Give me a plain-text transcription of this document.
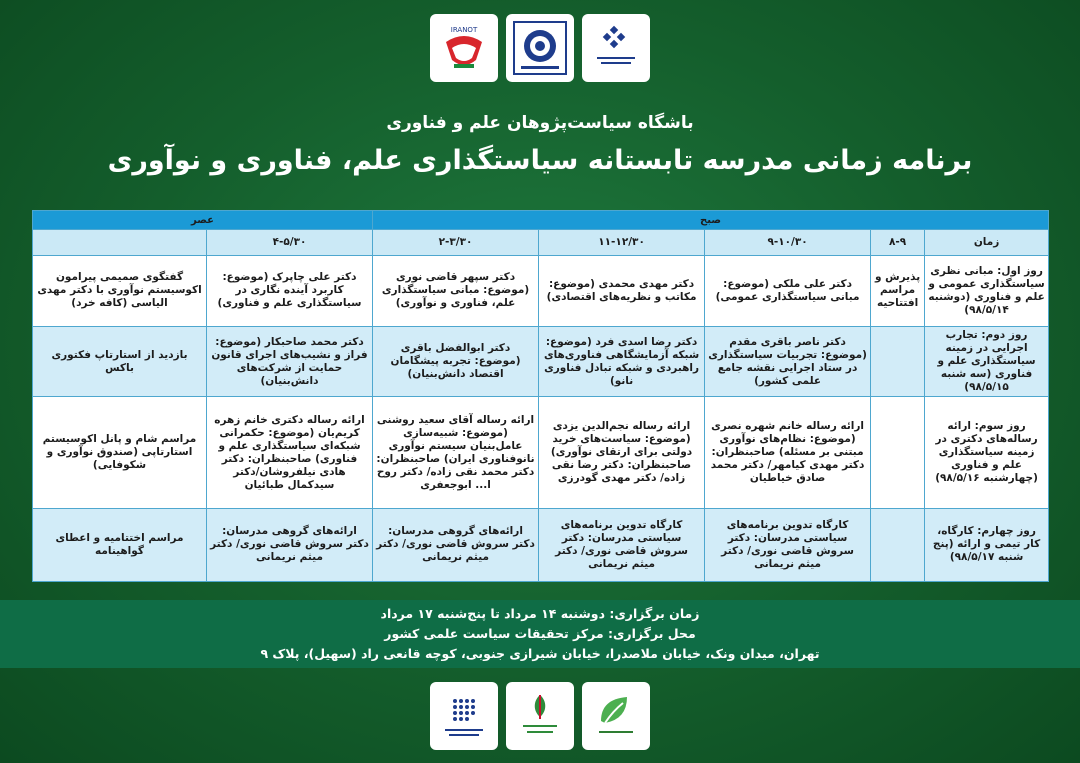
IRANOT
باشگاه سیاست‌پژوهان علم و فناوری
برنامه زمانی مدرسه تابستانه سیاستگذاری علم، فناوری و نوآوری
صبح					عصر	
زمان	۸-۹	۹-۱۰/۳۰	۱۱-۱۲/۳۰	۲-۳/۳۰	۴-۵/۳۰	
روز اول: مبانی نظری سیاستگذاری عمومی و علم و فناوری (دوشنبه ۹۸/۵/۱۴)	پذیرش و مراسم افتتاحیه	دکتر علی ملکی (موضوع: مبانی سیاستگذاری عمومی)	دکتر مهدی محمدی (موضوع: مکاتب و نظریه‌های اقتصادی)	دکتر سپهر قاضی نوری (موضوع: مبانی سیاستگذاری علم، فناوری و نوآوری)	دکتر علی چاپرک (موضوع: کاربرد آینده نگاری در سیاستگذاری علم و فناوری)	گفتگوی صمیمی پیرامون اکوسیستم نوآوری با دکتر مهدی الیاسی (کافه خرد)
روز دوم: تجارب اجرایی در زمینه سیاستگذاری علم و فناوری (سه شنبه ۹۸/۵/۱۵)		دکتر ناصر باقری مقدم (موضوع: تجربیات سیاستگذاری در ستاد اجرایی نقشه جامع علمی کشور)	دکتر رضا اسدی فرد (موضوع: شبکه آزمایشگاهی فناوری‌های راهبردی و شبکه تبادل فناوری نانو)	دکتر ابوالفضل باقری (موضوع: تجربه پیشگامان اقتصاد دانش‌بنیان)	دکتر محمد صاحبکار (موضوع: فراز و نشیب‌های اجرای قانون حمایت از شرکت‌های دانش‌بنیان)	بازدید از استارتاپ فکتوری باکس
روز سوم: ارائه رساله‌های دکتری در زمینه سیاستگذاری علم و فناوری (چهارشنبه ۹۸/۵/۱۶)		ارائه رساله خانم شهره نصری (موضوع: نظام‌های نوآوری مبتنی بر مسئله) صاحبنظران: دکتر مهدی کیامهر/ دکتر محمد صادق خیاطیان	ارائه رساله نجم‌الدین یزدی (موضوع: سیاست‌های خرید دولتی برای ارتقای نوآوری) صاحبنظران: دکتر رضا نقی زاده/ دکتر مهدی گودرزی	ارائه رساله آقای سعید روشنی (موضوع: شبیه‌سازی عامل‌بنیان سیستم نوآوری نانوفناوری ایران) صاحبنظران: دکتر محمد نقی زاده/ دکتر روح ا... ابوجعفری	ارائه رساله دکتری خانم زهره کریم‌یان (موضوع: حکمرانی شبکه‌ای سیاستگذاری علم و فناوری) صاحبنظران: دکتر هادی نیلفروشان/دکتر سیدکمال طبائیان	مراسم شام و پانل اکوسیستم استارتاپی (صندوق نوآوری و شکوفایی)
روز چهارم: کارگاه، کار تیمی و ارائه (پنج شنبه ۹۸/۵/۱۷)		کارگاه تدوین برنامه‌های سیاستی مدرسان: دکتر سروش قاضی نوری/ دکتر میثم نریمانی	کارگاه تدوین برنامه‌های سیاستی مدرسان: دکتر سروش قاضی نوری/ دکتر میثم نریمانی	ارائه‌های گروهی مدرسان: دکتر سروش قاضی نوری/ دکتر میثم نریمانی	ارائه‌های گروهی مدرسان: دکتر سروش قاضی نوری/ دکتر میثم نریمانی	مراسم اختتامیه و اعطای گواهینامه
زمان برگزاری: دوشنبه ۱۴ مرداد تا پنج‌شنبه ۱۷ مرداد
محل برگزاری: مرکز تحقیقات سیاست علمی کشور
تهران، میدان ونک، خیابان ملاصدرا، خیابان شیرازی جنوبی، کوچه قانعی راد (سهیل)، پلاک ۹
